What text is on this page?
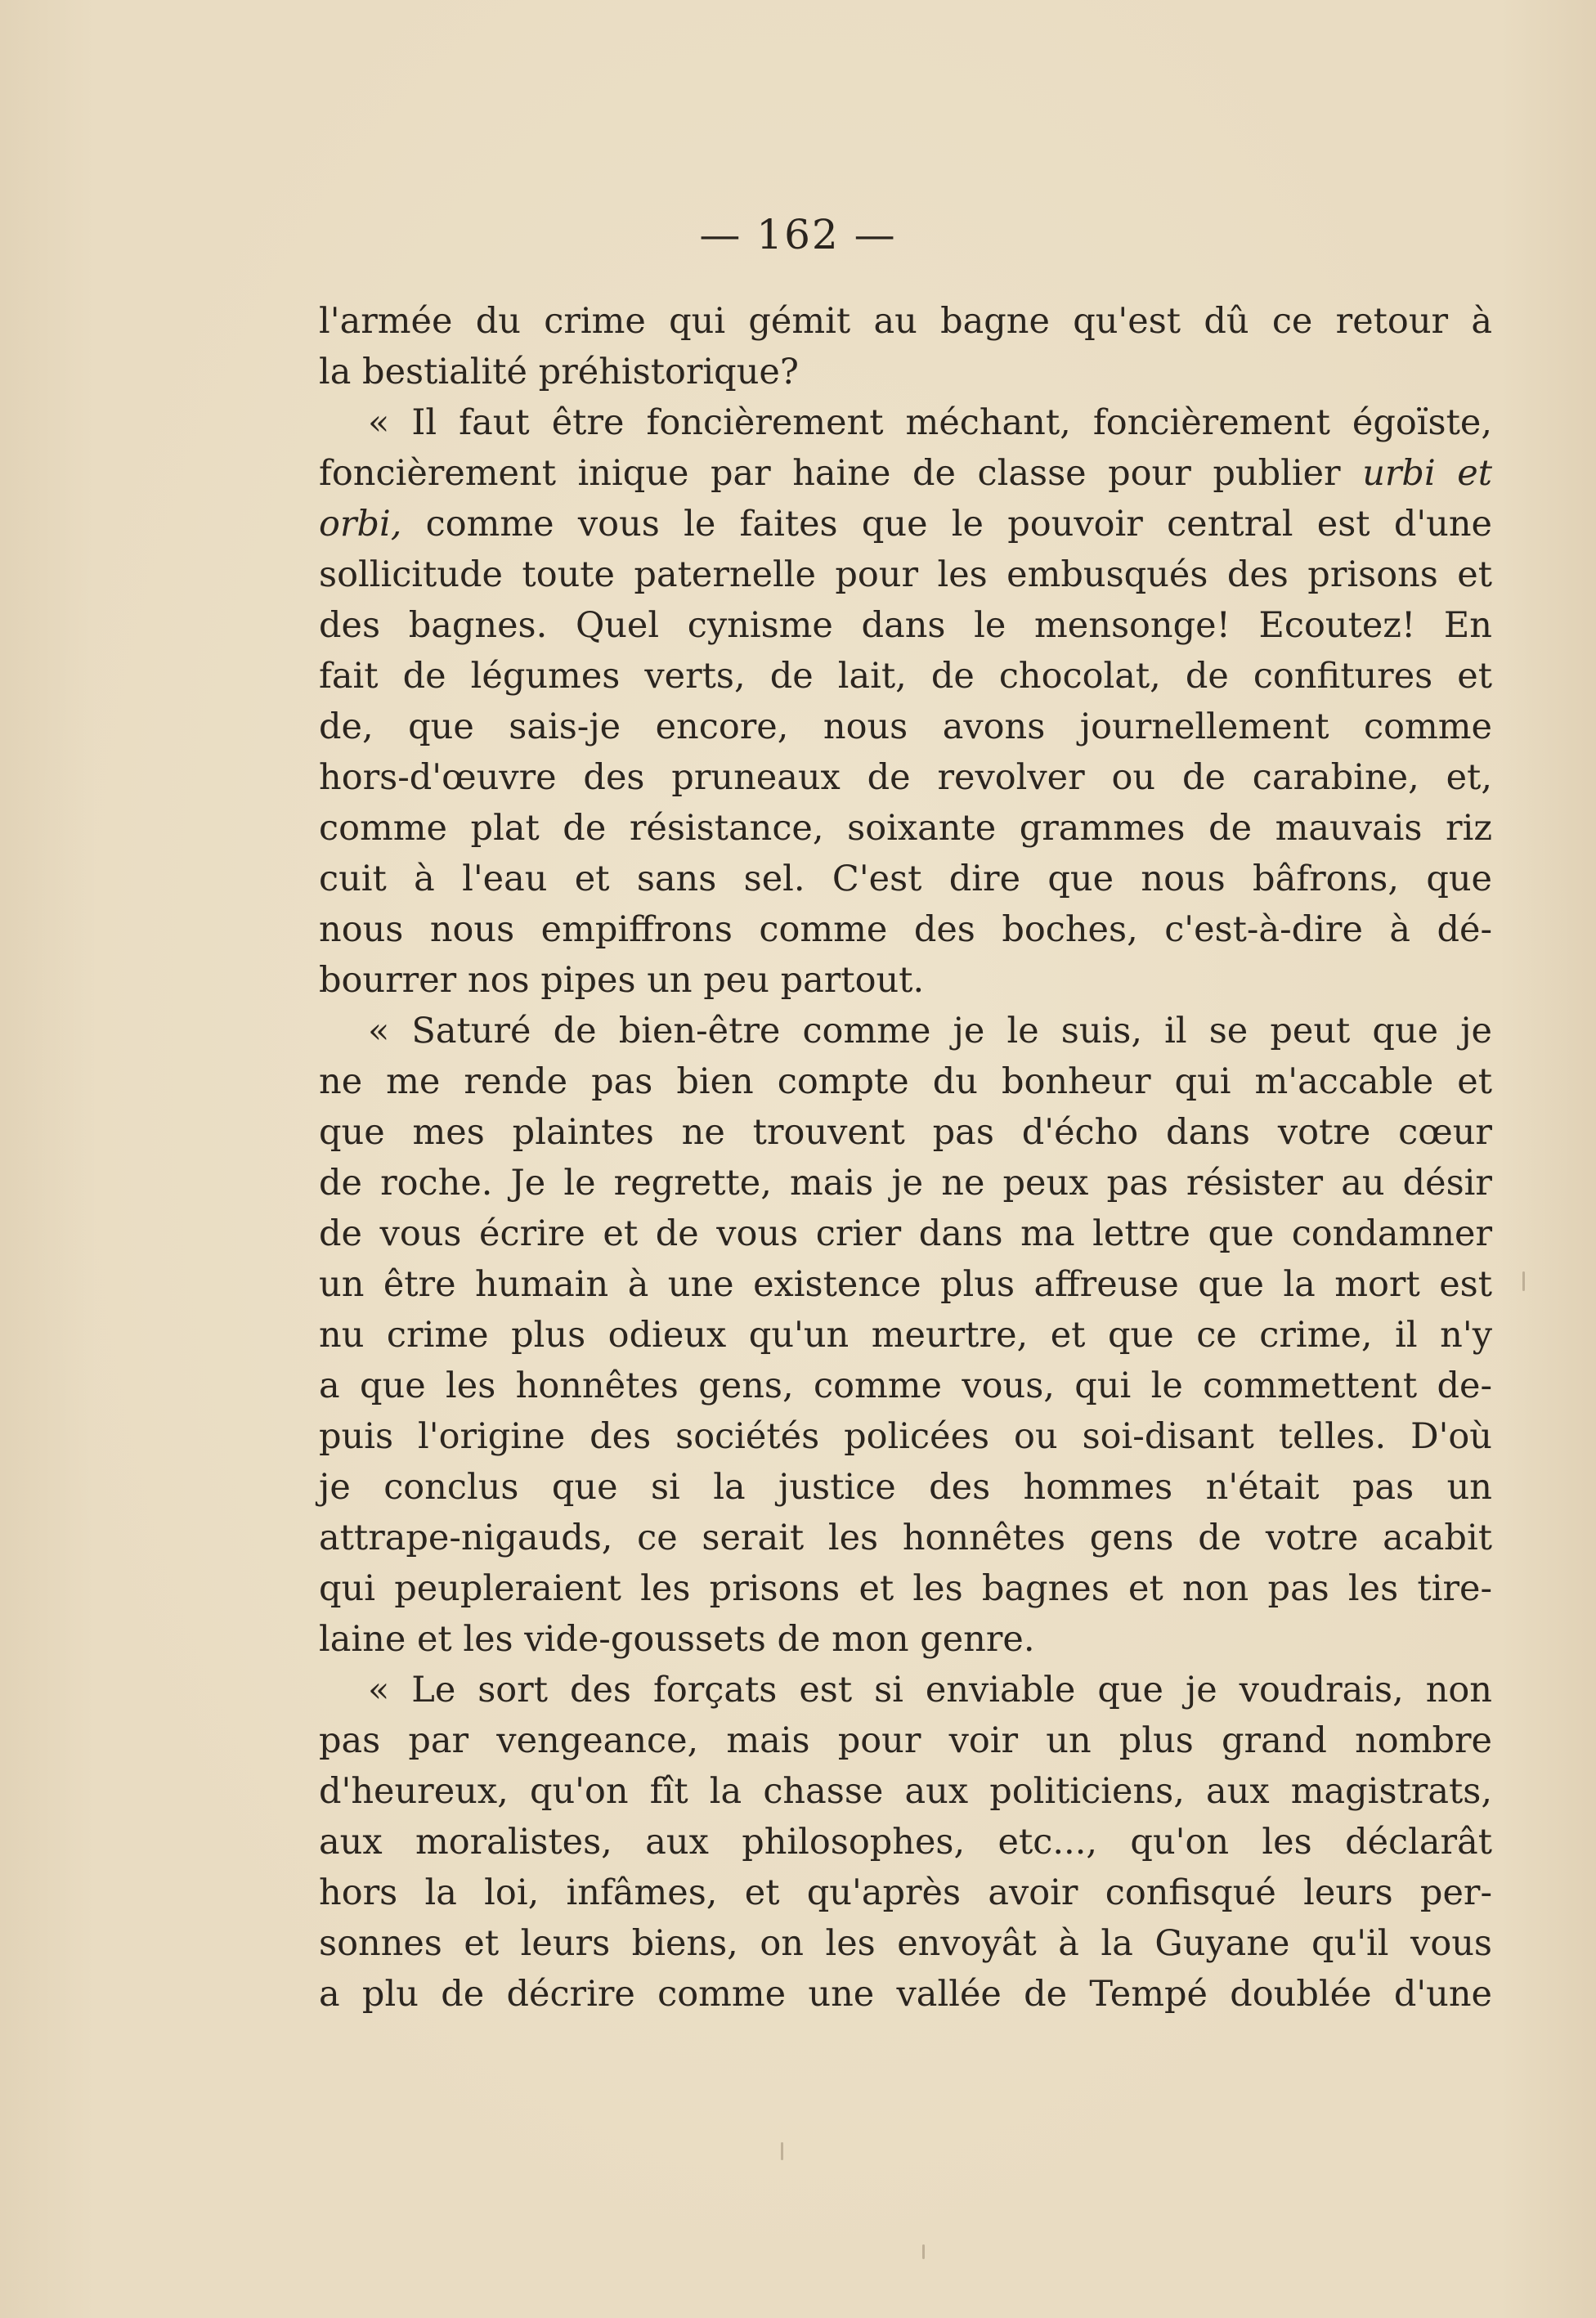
— 162 —
l'armée du crime qui gémit au bagne qu'est dû ce retour à
la bestialité préhistorique?
« Il faut être foncièrement méchant, foncièrement égoïste,
foncièrement inique par haine de classe pour publier urbi et
orbi, comme vous le faites que le pouvoir central est d'une
sollicitude toute paternelle pour les embusqués des prisons et
des bagnes. Quel cynisme dans le mensonge! Ecoutez! En
fait de légumes verts, de lait, de chocolat, de confitures et
de, que sais-je encore, nous avons journellement comme
hors-d'œuvre des pruneaux de revolver ou de carabine, et,
comme plat de résistance, soixante grammes de mauvais riz
cuit à l'eau et sans sel. C'est dire que nous bâfrons, que
nous nous empiffrons comme des boches, c'est-à-dire à dé-
bourrer nos pipes un peu partout.
« Saturé de bien-être comme je le suis, il se peut que je
ne me rende pas bien compte du bonheur qui m'accable et
que mes plaintes ne trouvent pas d'écho dans votre cœur
de roche. Je le regrette, mais je ne peux pas résister au désir
de vous écrire et de vous crier dans ma lettre que condamner
un être humain à une existence plus affreuse que la mort est
nu crime plus odieux qu'un meurtre, et que ce crime, il n'y
a que les honnêtes gens, comme vous, qui le commettent de-
puis l'origine des sociétés policées ou soi-disant telles. D'où
je conclus que si la justice des hommes n'était pas un
attrape-nigauds, ce serait les honnêtes gens de votre acabit
qui peupleraient les prisons et les bagnes et non pas les tire-
laine et les vide-goussets de mon genre.
« Le sort des forçats est si enviable que je voudrais, non
pas par vengeance, mais pour voir un plus grand nombre
d'heureux, qu'on fît la chasse aux politiciens, aux magistrats,
aux moralistes, aux philosophes, etc..., qu'on les déclarât
hors la loi, infâmes, et qu'après avoir confisqué leurs per-
sonnes et leurs biens, on les envoyât à la Guyane qu'il vous
a plu de décrire comme une vallée de Tempé doublée d'une
